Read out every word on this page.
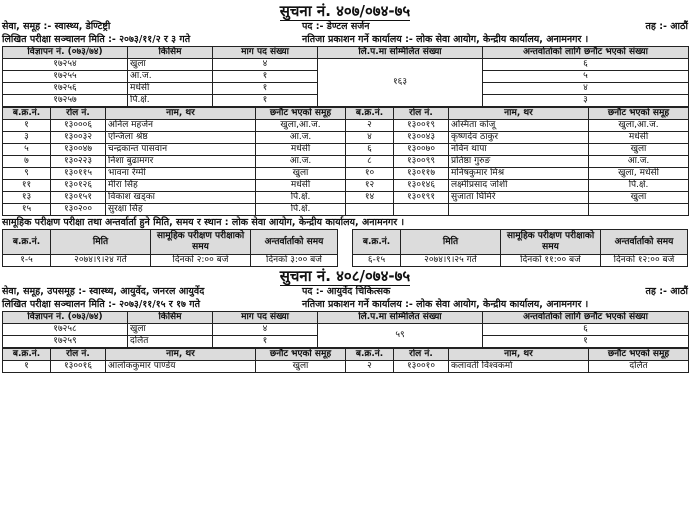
सुचना नं. ४०७/०७४-७५
सेवा, समूह :- स्वास्थ्य, डेण्टिष्ट्री	पद :- डेण्टल सर्जन	तह :- आठौं
लिखित परीक्षा सञ्चालन मिति :- २०७३/११/२ र ३ गते	नतिजा प्रकाशन गर्ने कार्यालय :- लोक सेवा आयोग, केन्द्रीय कार्यालय, अनामनगर ।
विज्ञापन नं. (०७३/७४)	किसिम	माग पद संख्या	लि.प.मा सम्मिलित संख्या	अन्तर्वार्ताको लागि छनौट भएको संख्या
१७२५४	खुला	४	१६३	६
१७२५५	आ.ज.	१		५
१७२५६	मधेसी	१		४
१७२५७	पि.क्षे.	१		३
ब.क्र.नं.	रोल नं.	नाम, थर	छनौट भएको समूह	ब.क्र.नं.	रोल नं.	नाम, थर	छनौट भएको समूह
१	१३०००६	अनिल महर्जन	खुला,आ.ज.	२	१३००१९	अस्मिता कोजू	खुला,आ.ज.
३	१३००३२	एन्जिला श्रेष्ठ	आ.ज.	४	१३००४३	कृष्णदेव ठाकुर	मधेसी
५	१३००४७	चन्द्रकान्त पासवान	मधेसी	६	१३००७०	नविन थापा	खुला
७	१३०२२३	निशा बुढामगर	आ.ज.	८	१३००९९	प्रतिष्ठा गुरुङ	आ.ज.
९	१३०११५	भावना रेग्मी	खुला	१०	१३०११७	मनिषकुमार मिश्र	खुला, मधेसी
११	१३०१२६	मीरा सिंह	मधेसी	१२	१३०१४६	लक्ष्मीप्रसाद जोशी	पि.क्षे.
१३	१३०१५१	विकाश खड्का	पि.क्षे.	१४	१३०१९१	सुजाता घिमिरे	खुला
१५	१३०२००	सुरक्षा सिंह	पि.क्षे.				
सामूहिक परीक्षण परीक्षा तथा अन्तर्वार्ता हुने मिति, समय र स्थान : लोक सेवा आयोग, केन्द्रीय कार्यालय, अनामनगर ।
ब.क्र.नं.	मिति	सामूहिक परीक्षण परीक्षाको समय	अन्तर्वार्ताको समय
१-५	२०७४।९।२४ गते	दिनको २:०० बजे	दिनको ३:०० बजे
ब.क्र.नं.	मिति	सामूहिक परीक्षण परीक्षाको समय	अन्तर्वार्ताको समय
६-१५	२०७४।९।२५ गते	दिनको ११:०० बजे	दिनको १२:०० बजे
सुचना नं. ४०८/०७४-७५
सेवा, समूह, उपसमूह :- स्वास्थ्य, आयुर्वेद, जनरल आयुर्वेद	पद :- आयुर्वेद चिकित्सक	तह :- आठौं
लिखित परीक्षा सञ्चालन मिति :- २०७३/११/१५ र १७ गते	नतिजा प्रकाशन गर्ने कार्यालय :- लोक सेवा आयोग, केन्द्रीय कार्यालय, अनामनगर ।
विज्ञापन नं. (०७३/७४)	किसिम	माग पद संख्या	लि.प.मा सम्मिलित संख्या	अन्तर्वार्ताको लागि छनौट भएको संख्या
१७२५८	खुला	४	५९	६
१७२५९	दलित	१		१
ब.क्र.नं.	रोल नं.	नाम, थर	छनौट भएको समूह	ब.क्र.नं.	रोल नं.	नाम, थर	छनौट भएको समूह
१	१३००१६	आलोककुमार पाण्डेय	खुला	२	१३००१०	कलावती विश्वकर्मा	दलित
